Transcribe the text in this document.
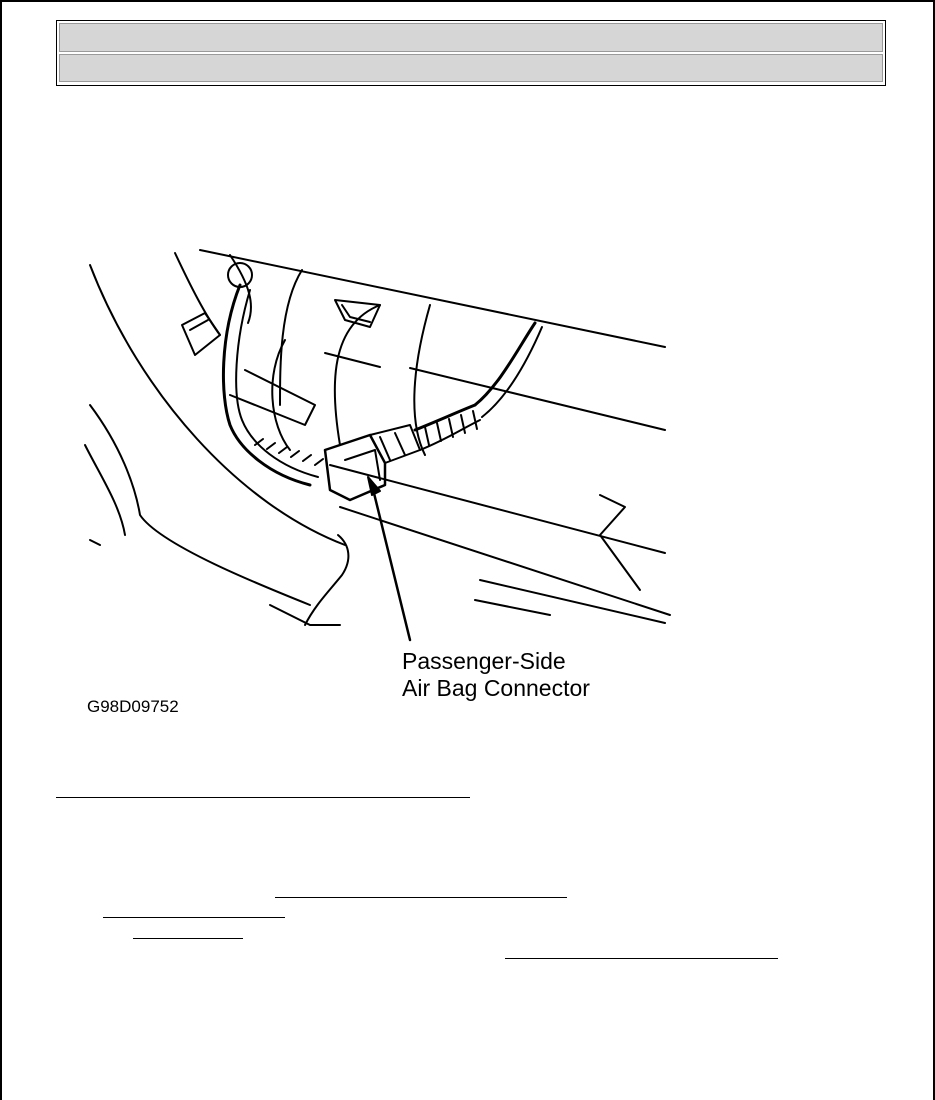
Passenger-Side
Air Bag Connector
G98D09752
